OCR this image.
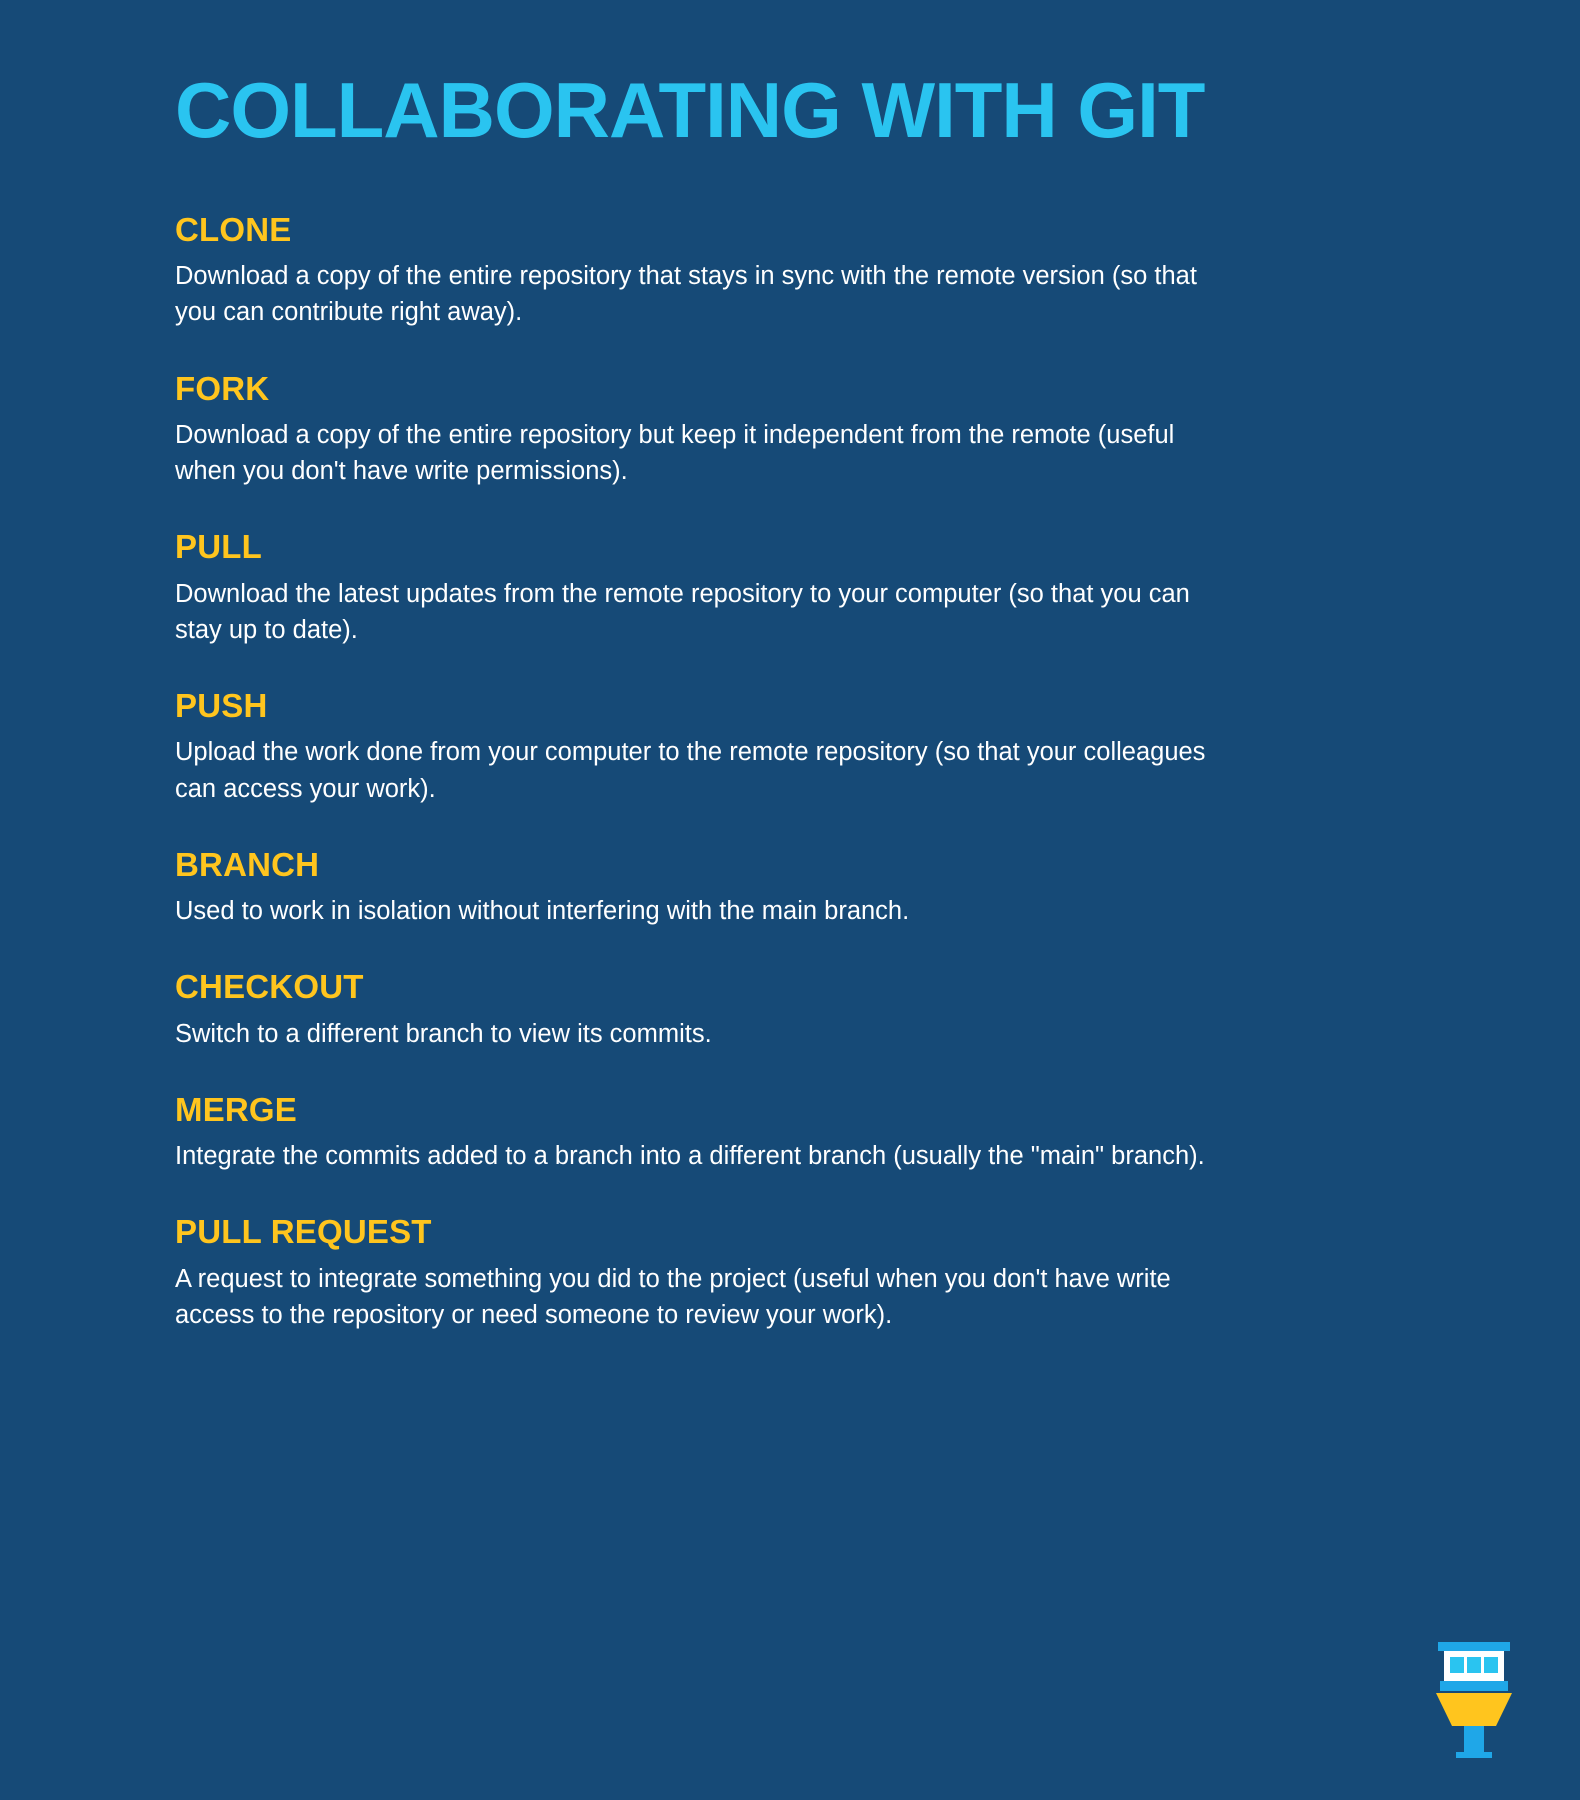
COLLABORATING WITH GIT
CLONE

Download a copy of the entire repository that stays in sync with the remote version (so that you can contribute right away).

FORK

Download a copy of the entire repository but keep it independent from the remote (useful when you don't have write permissions).

PULL

Download the latest updates from the remote repository to your computer (so that you can stay up to date).

PUSH

Upload the work done from your computer to the remote repository (so that your colleagues can access your work).

BRANCH

Used to work in isolation without interfering with the main branch.

CHECKOUT

Switch to a different branch to view its commits.

MERGE

Integrate the commits added to a branch into a different branch (usually the "main" branch).

PULL REQUEST

A request to integrate something you did to the project (useful when you don't have write access to the repository or need someone to review your work).
